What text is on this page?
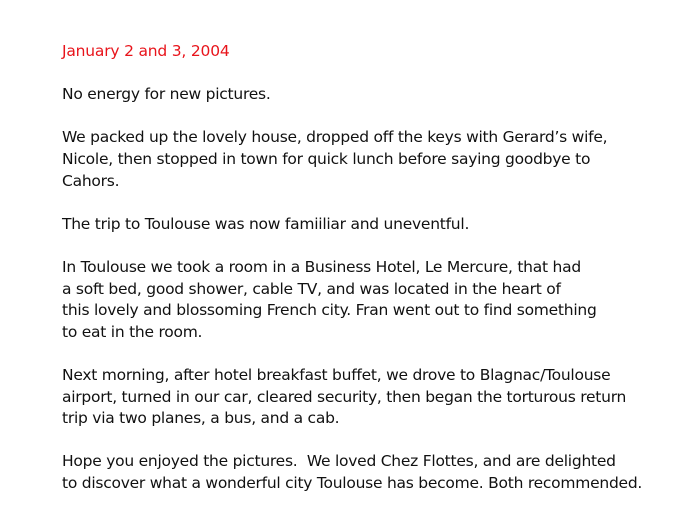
January 2 and 3, 2004
No energy for new pictures.
We packed up the lovely house, dropped off the keys with Gerard’s wife,
Nicole, then stopped in town for quick lunch before saying goodbye to
Cahors.
The trip to Toulouse was now famiiliar and uneventful.
In Toulouse we took a room in a Business Hotel, Le Mercure, that had
a soft bed, good shower, cable TV, and was located in the heart of
this lovely and blossoming French city. Fran went out to find something
to eat in the room.
Next morning, after hotel breakfast buffet, we drove to Blagnac/Toulouse
airport, turned in our car, cleared security, then began the torturous return
trip via two planes, a bus, and a cab.
Hope you enjoyed the pictures.  We loved Chez Flottes, and are delighted
to discover what a wonderful city Toulouse has become. Both recommended.
